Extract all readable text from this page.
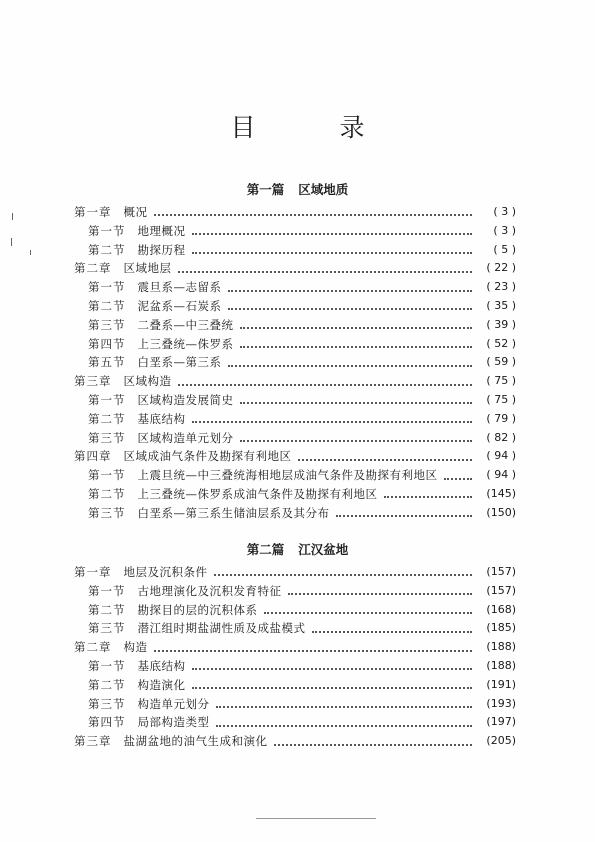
目 录
第一篇 区域地质
第一章 概况	( 3 )
第一节 地理概况	( 3 )
第二节 勘探历程	( 5 )
第二章 区域地层	( 22 )
第一节 震旦系—志留系	( 23 )
第二节 泥盆系—石炭系	( 35 )
第三节 二叠系—中三叠统	( 39 )
第四节 上三叠统—侏罗系	( 52 )
第五节 白垩系—第三系	( 59 )
第三章 区域构造	( 75 )
第一节 区域构造发展简史	( 75 )
第二节 基底结构	( 79 )
第三节 区域构造单元划分	( 82 )
第四章 区域成油气条件及勘探有利地区	( 94 )
第一节 上震旦统—中三叠统海相地层成油气条件及勘探有利地区	( 94 )
第二节 上三叠统—侏罗系成油气条件及勘探有利地区	(145)
第三节 白垩系—第三系生储油层系及其分布	(150)
第二篇 江汉盆地
第一章 地层及沉积条件	(157)
第一节 古地理演化及沉积发育特征	(157)
第二节 勘探目的层的沉积体系	(168)
第三节 潜江组时期盐湖性质及成盐模式	(185)
第二章 构造	(188)
第一节 基底结构	(188)
第二节 构造演化	(191)
第三节 构造单元划分	(193)
第四节 局部构造类型	(197)
第三章 盐湖盆地的油气生成和演化	(205)
